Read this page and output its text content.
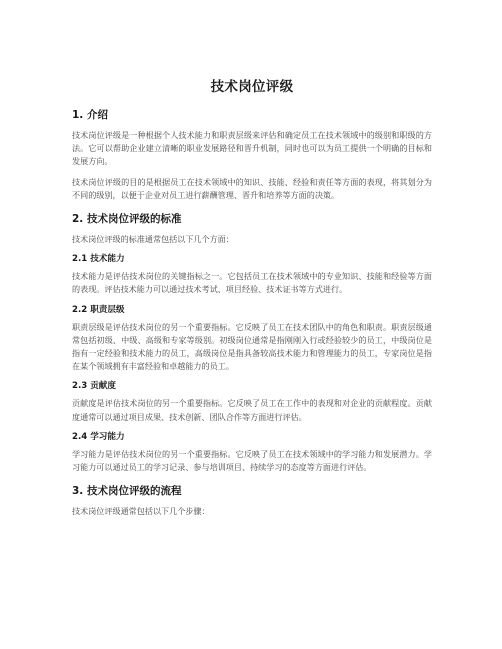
技术岗位评级
1. 介绍

技术岗位评级是一种根据个人技术能力和职责层级来评估和确定员工在技术领域中的级别和职级的方法。它可以帮助企业建立清晰的职业发展路径和晋升机制，同时也可以为员工提供一个明确的目标和发展方向。

技术岗位评级的目的是根据员工在技术领域中的知识、技能、经验和责任等方面的表现，将其划分为不同的级别，以便于企业对员工进行薪酬管理、晋升和培养等方面的决策。

2. 技术岗位评级的标准

技术岗位评级的标准通常包括以下几个方面：

2.1 技术能力

技术能力是评估技术岗位的关键指标之一。它包括员工在技术领域中的专业知识、技能和经验等方面的表现。评估技术能力可以通过技术考试、项目经验、技术证书等方式进行。

2.2 职责层级

职责层级是评估技术岗位的另一个重要指标。它反映了员工在技术团队中的角色和职责。职责层级通常包括初级、中级、高级和专家等级别。初级岗位通常是指刚刚入行或经验较少的员工，中级岗位是指有一定经验和技术能力的员工，高级岗位是指具备较高技术能力和管理能力的员工，专家岗位是指在某个领域拥有丰富经验和卓越能力的员工。

2.3 贡献度

贡献度是评估技术岗位的另一个重要指标。它反映了员工在工作中的表现和对企业的贡献程度。贡献度通常可以通过项目成果、技术创新、团队合作等方面进行评估。

2.4 学习能力

学习能力是评估技术岗位的另一个重要指标。它反映了员工在技术领域中的学习能力和发展潜力。学习能力可以通过员工的学习记录、参与培训项目、持续学习的态度等方面进行评估。

3. 技术岗位评级的流程

技术岗位评级通常包括以下几个步骤：
